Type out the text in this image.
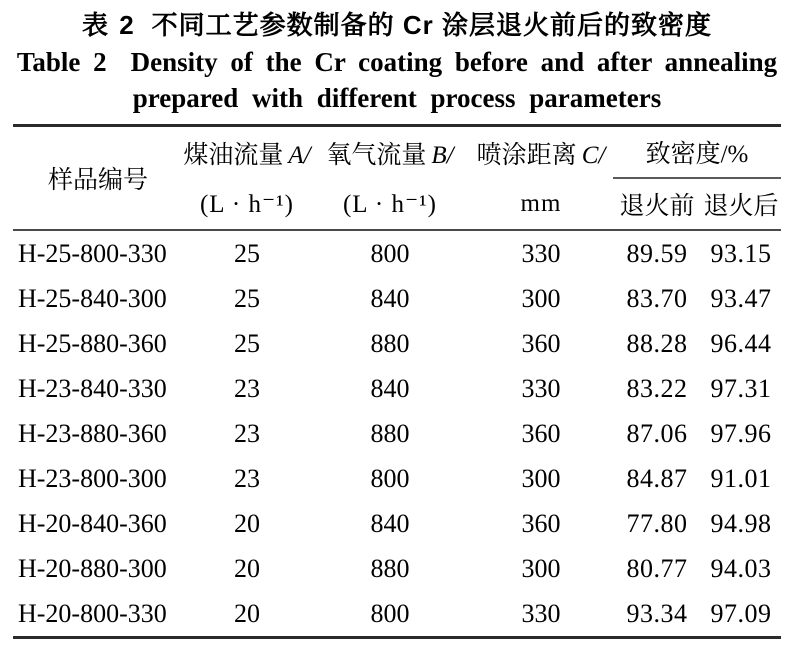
表 2 不同工艺参数制备的 Cr 涂层退火前后的致密度
Table 2 Density of the Cr coating before and after annealing
prepared with different process parameters
样品编号	煤油流量 A/	氧气流量 B/	喷涂距离 C/	致密度/%	
	(L · h⁻¹)	(L · h⁻¹)	mm	退火前	退火后
H-25-800-330	25	800	330	89.59	93.15
H-25-840-300	25	840	300	83.70	93.47
H-25-880-360	25	880	360	88.28	96.44
H-23-840-330	23	840	330	83.22	97.31
H-23-880-360	23	880	360	87.06	97.96
H-23-800-300	23	800	300	84.87	91.01
H-20-840-360	20	840	360	77.80	94.98
H-20-880-300	20	880	300	80.77	94.03
H-20-800-330	20	800	330	93.34	97.09
